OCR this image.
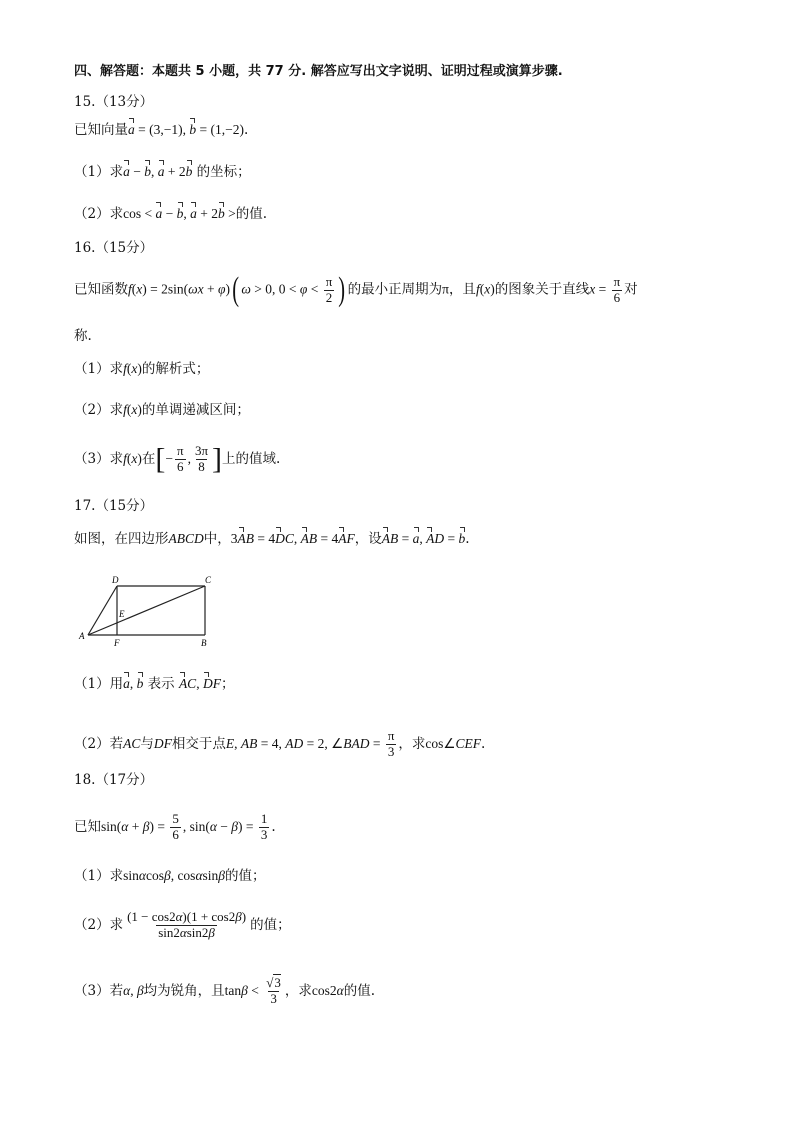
四、解答题：本题共 5 小题，共 77 分. 解答应写出文字说明、证明过程或演算步骤.
15.（13分）
已知向量a = (3,−1), b = (1,−2).
（1）求a − b, a + 2b 的坐标；
（2）求cos < a − b, a + 2b >的值.
16.（15分）
已知函数f(x) = 2sin(ωx + φ)( ω > 0, $0 < \varphi < \frac{\pi}{2}$ ) 的最小正周期为π，且f(x)的图象关于直线$x = \frac{\pi}{6}$ 对
称.
（1）求f(x)的解析式；
（2）求f(x)的单调递减区间；
（3）求f(x)在[− $\frac{\pi}{6}$ , $\frac{3\pi}{8}$ ]上的值域.
17.（15分）
如图，在四边形ABCD中，3AB = 4DC, AB = 4AF，设AB = a, AD = b.
D	C
E
A
F	B
（1）用a, b 表示 AC, DF；
（2）若AC与DF相交于点E, AB = 4, AD = 2, ∠BAD = $\frac{\pi}{3}$ ，求cos∠CEF.
18.（17分）
已知$\sin(\alpha + \beta) = \frac{5}{6}$ , $\sin(\alpha - \beta) = \frac{1}{3}$ .
（1）求sinαcosβ, cosαsinβ的值；
（2）求 $\frac{(1 - \cos 2\alpha)(1 + \cos 2\beta)}{\sin 2\alpha\sin 2\beta}$ 的值；
（3）若α, β均为锐角，且$\tan\beta < \frac{√3}{3}$ ，求cos2α的值.
